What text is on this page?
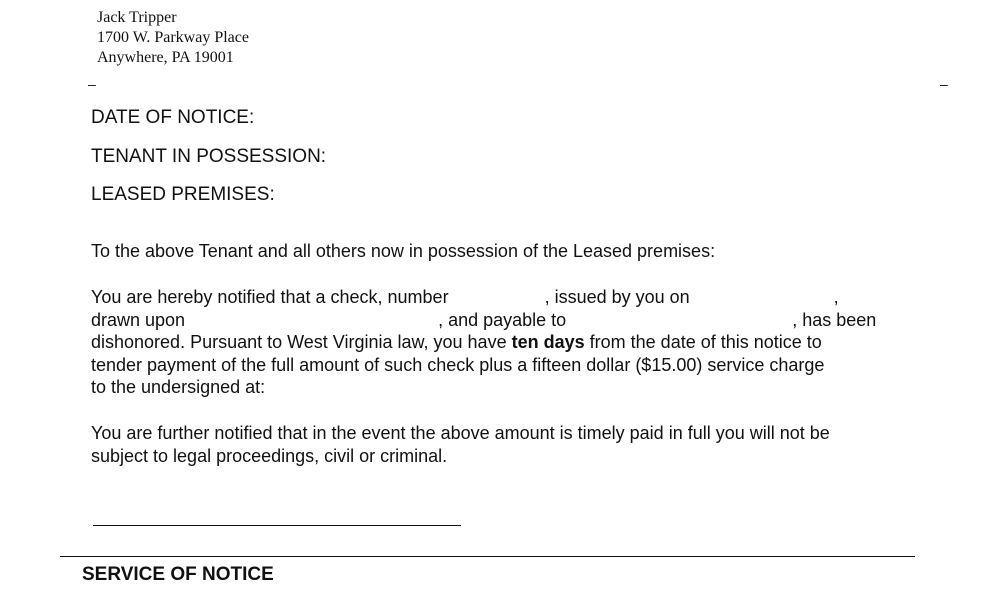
Jack Tripper
1700 W. Parkway Place
Anywhere, PA 19001
–	–
DATE OF NOTICE:
TENANT IN POSSESSION:
LEASED PREMISES:
To the above Tenant and all others now in possession of the Leased premises:
You are hereby notified that a check, number	, issued by you on	,
drawn upon	, and payable to	, has been
dishonored. Pursuant to West Virginia law, you have ten days from the date of this notice to
tender payment of the full amount of such check plus a fifteen dollar ($15.00) service charge
to the undersigned at:
You are further notified that in the event the above amount is timely paid in full you will not be
subject to legal proceedings, civil or criminal.
SERVICE OF NOTICE
